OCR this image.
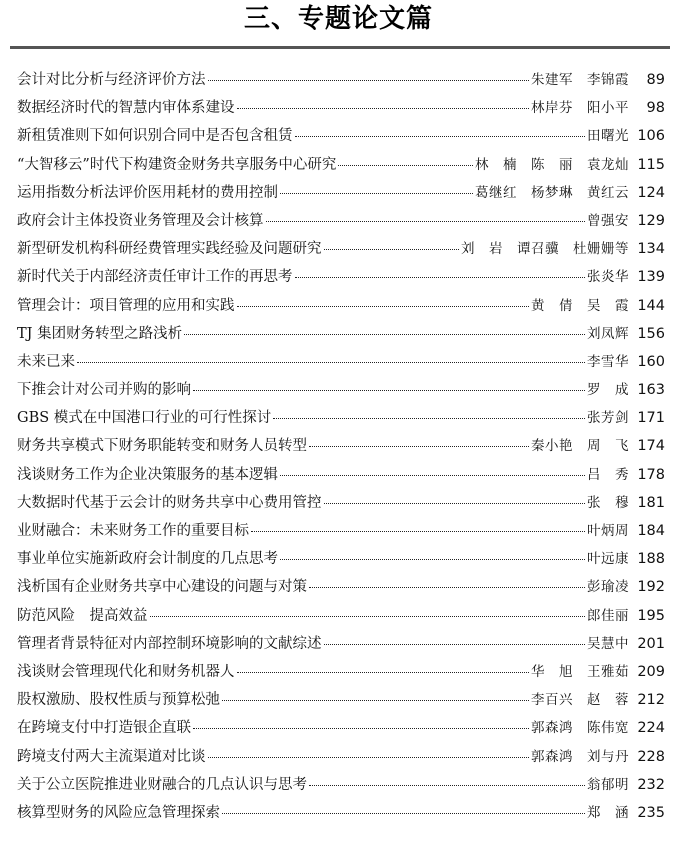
三、专题论文篇
会计对比分析与经济评价方法	朱建军　李锦霞	89
数据经济时代的智慧内审体系建设	林岸芬　阳小平	98
新租赁准则下如何识别合同中是否包含租赁	田曙光 106
“大智移云”时代下构建资金财务共享服务中心研究	林　楠　陈　丽　袁龙灿 115
运用指数分析法评价医用耗材的费用控制	葛继红　杨梦琳　黄红云 124
政府会计主体投资业务管理及会计核算	曾强安 129
新型研发机构科研经费管理实践经验及问题研究	刘　岩　谭召骥　杜姗姗等 134
新时代关于内部经济责任审计工作的再思考	张炎华 139
管理会计：项目管理的应用和实践	黄　倩　吴　霞 144
TJ 集团财务转型之路浅析	刘凤辉 156
未来已来	李雪华 160
下推会计对公司并购的影响	罗　成 163
GBS 模式在中国港口行业的可行性探讨	张芳剑 171
财务共享模式下财务职能转变和财务人员转型	秦小艳　周　飞 174
浅谈财务工作为企业决策服务的基本逻辑	吕　秀 178
大数据时代基于云会计的财务共享中心费用管控	张　穆 181
业财融合：未来财务工作的重要目标	叶炳周 184
事业单位实施新政府会计制度的几点思考	叶远康 188
浅析国有企业财务共享中心建设的问题与对策	彭瑜凌 192
防范风险　提高效益	郎佳丽 195
管理者背景特征对内部控制环境影响的文献综述	吴慧中 201
浅谈财会管理现代化和财务机器人	华　旭　王雅茹 209
股权激励、股权性质与预算松弛	李百兴　赵　蓉 212
在跨境支付中打造银企直联	郭森鸿　陈伟宽 224
跨境支付两大主流渠道对比谈	郭森鸿　刘与丹 228
关于公立医院推进业财融合的几点认识与思考	翁郁明 232
核算型财务的风险应急管理探索	郑　涵 235
